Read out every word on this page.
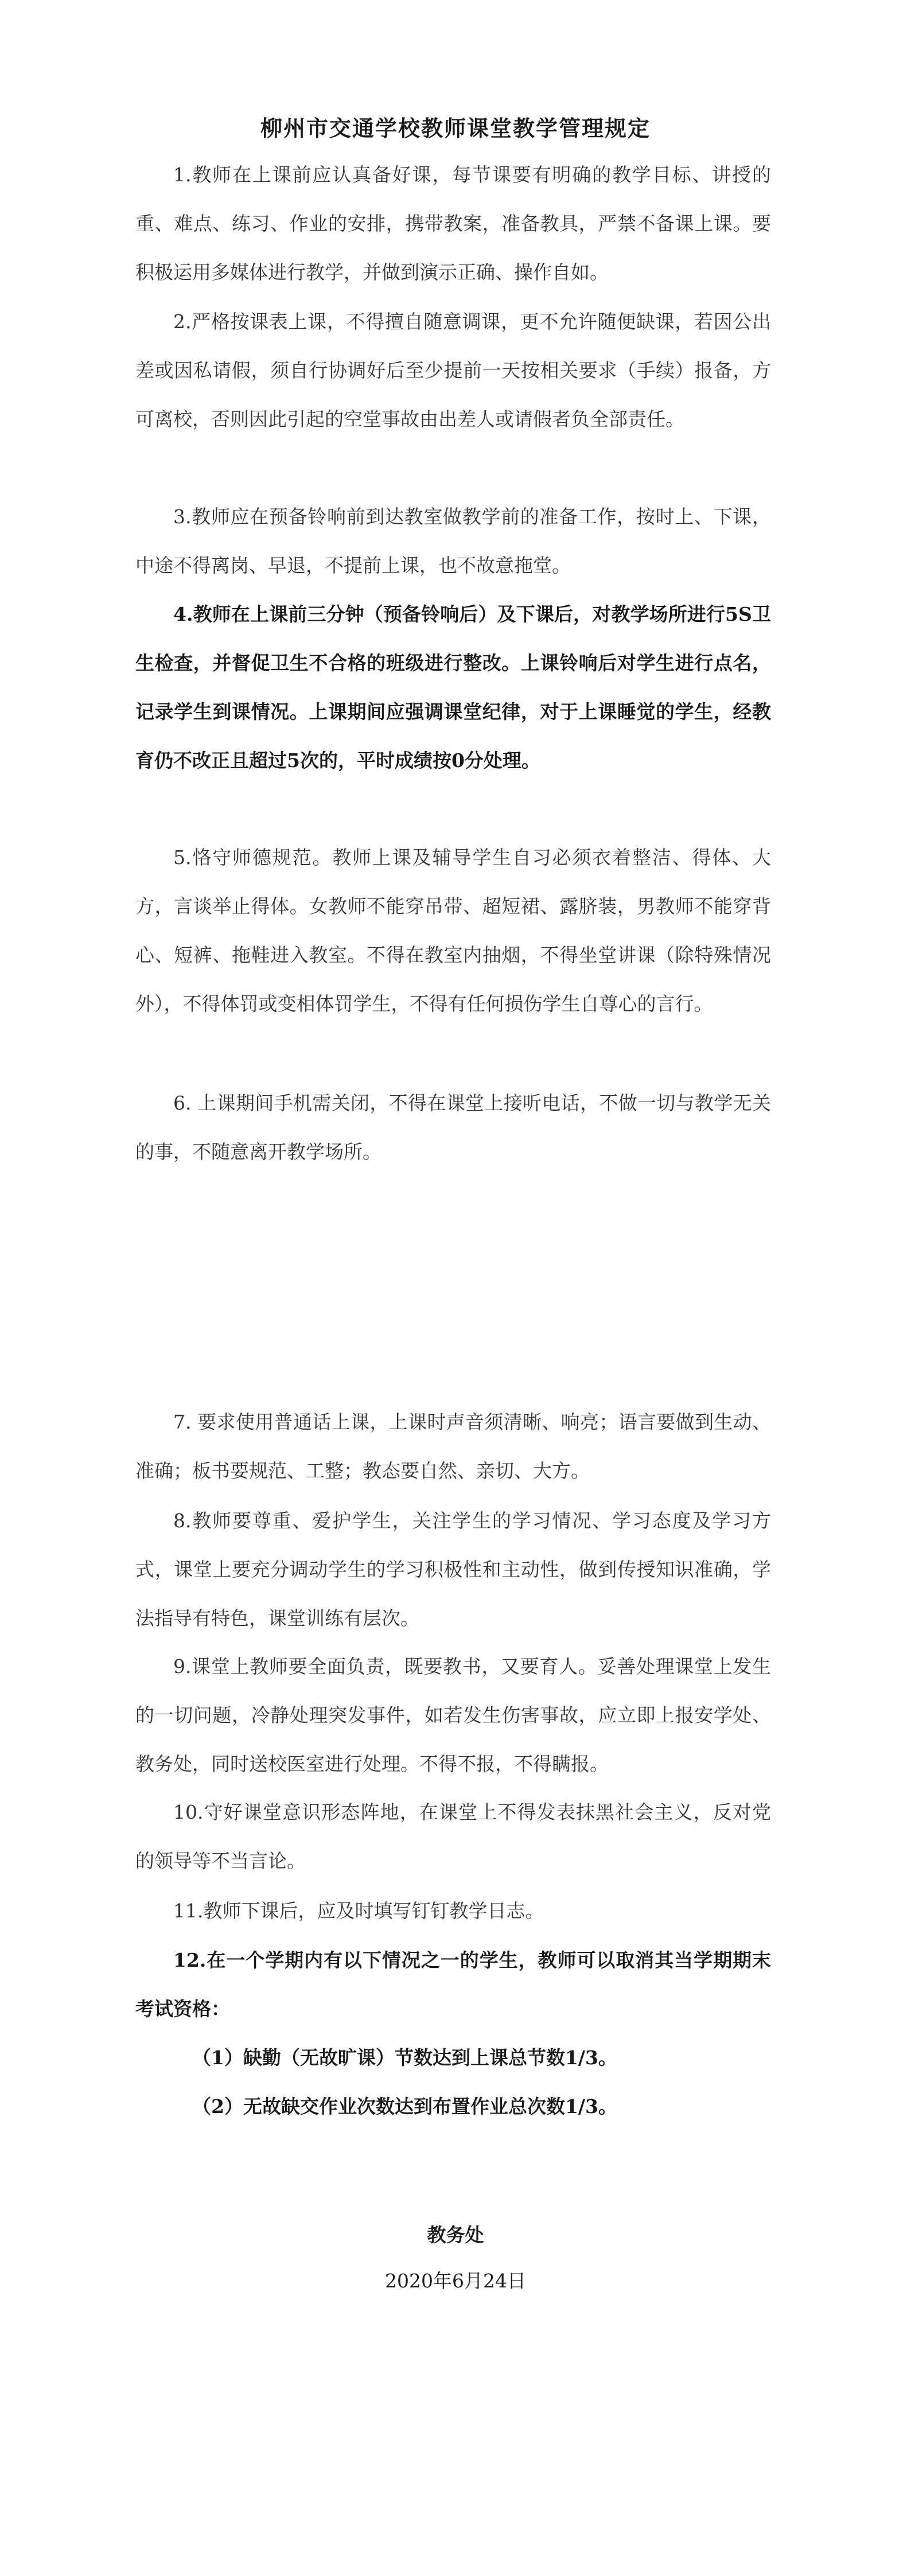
柳州市交通学校教师课堂教学管理规定

1.教师在上课前应认真备好课，每节课要有明确的教学目标、讲授的重、难点、练习、作业的安排，携带教案，准备教具，严禁不备课上课。要积极运用多媒体进行教学，并做到演示正确、操作自如。

2.严格按课表上课，不得擅自随意调课，更不允许随便缺课，若因公出差或因私请假，须自行协调好后至少提前一天按相关要求（手续）报备，方可离校，否则因此引起的空堂事故由出差人或请假者负全部责任。

3.教师应在预备铃响前到达教室做教学前的准备工作，按时上、下课，中途不得离岗、早退，不提前上课，也不故意拖堂。

4.教师在上课前三分钟（预备铃响后）及下课后，对教学场所进行5S卫生检查，并督促卫生不合格的班级进行整改。上课铃响后对学生进行点名，记录学生到课情况。上课期间应强调课堂纪律，对于上课睡觉的学生，经教育仍不改正且超过5次的，平时成绩按0分处理。

5.恪守师德规范。教师上课及辅导学生自习必须衣着整洁、得体、大方，言谈举止得体。女教师不能穿吊带、超短裙、露脐装，男教师不能穿背心、短裤、拖鞋进入教室。不得在教室内抽烟，不得坐堂讲课（除特殊情况外），不得体罚或变相体罚学生，不得有任何损伤学生自尊心的言行。

6. 上课期间手机需关闭，不得在课堂上接听电话，不做一切与教学无关的事，不随意离开教学场所。

7. 要求使用普通话上课，上课时声音须清晰、响亮；语言要做到生动、准确；板书要规范、工整；教态要自然、亲切、大方。

8.教师要尊重、爱护学生，关注学生的学习情况、学习态度及学习方式，课堂上要充分调动学生的学习积极性和主动性，做到传授知识准确，学法指导有特色，课堂训练有层次。

9.课堂上教师要全面负责，既要教书，又要育人。妥善处理课堂上发生的一切问题，冷静处理突发事件，如若发生伤害事故，应立即上报安学处、教务处，同时送校医室进行处理。不得不报，不得瞒报。

10.守好课堂意识形态阵地，在课堂上不得发表抹黑社会主义，反对党的领导等不当言论。

11.教师下课后，应及时填写钉钉教学日志。

12.在一个学期内有以下情况之一的学生，教师可以取消其当学期期末考试资格：

（1）缺勤（无故旷课）节数达到上课总节数1/3。

（2）无故缺交作业次数达到布置作业总次数1/3。

教务处
2020年6月24日
